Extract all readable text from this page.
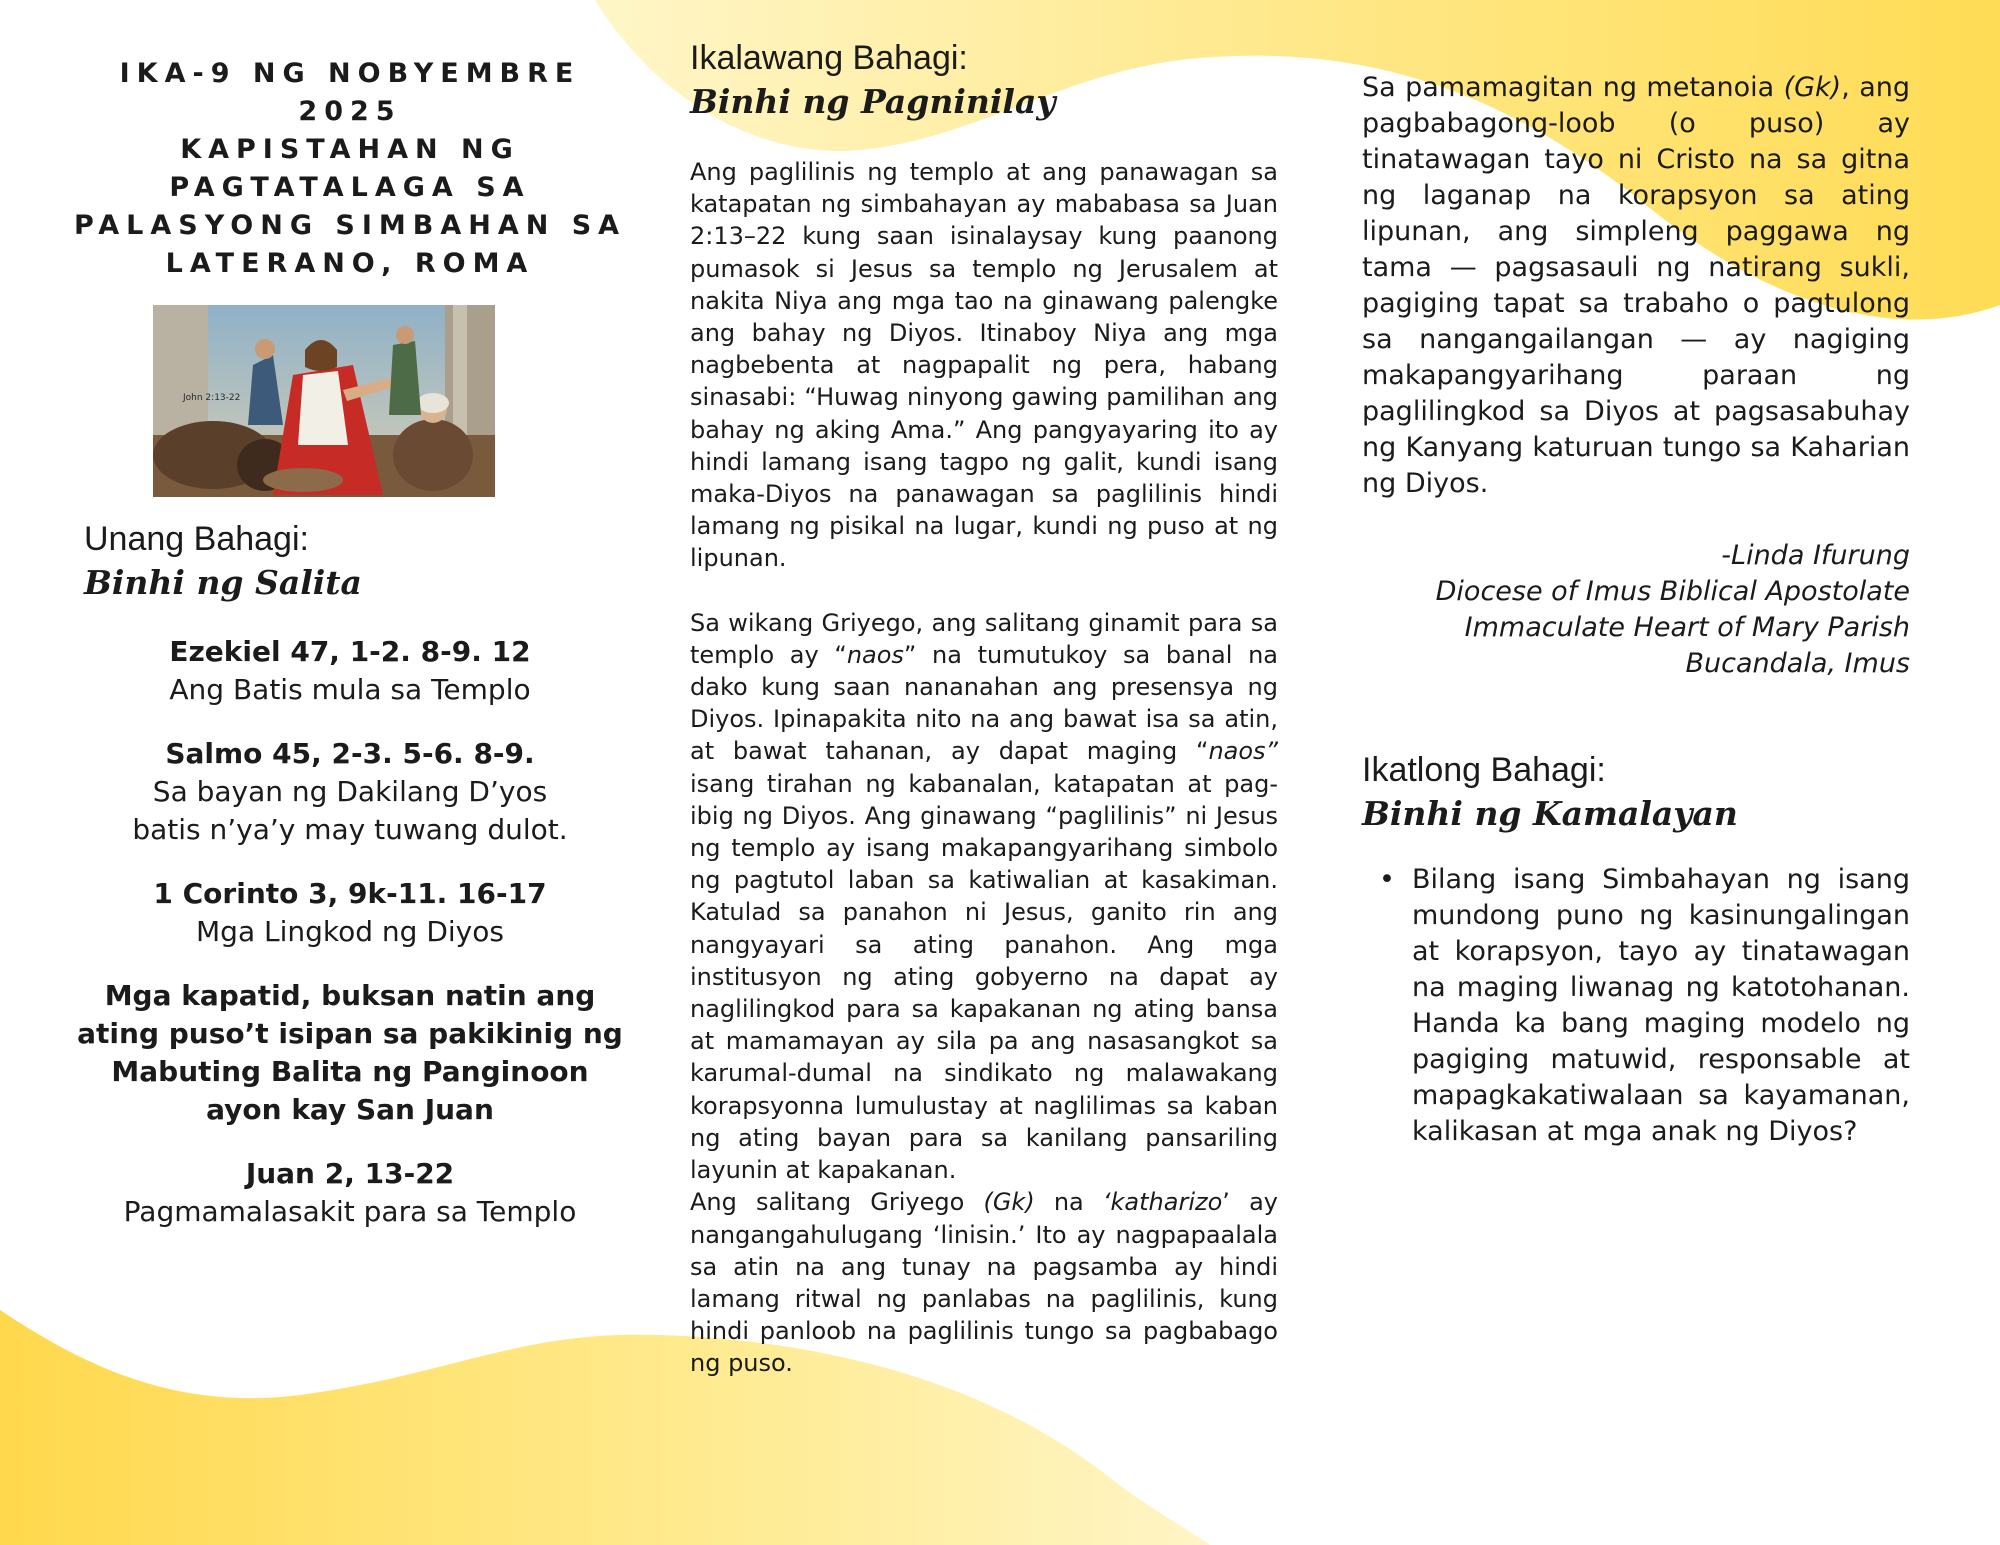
IKA-9 NG NOBYEMBRE
2025
KAPISTAHAN NG
PAGTATALAGA SA
PALASYONG SIMBAHAN SA
LATERANO, ROMA
John 2:13-22

Unang Bahagi:

Binhi ng Salita

Ezekiel 47, 1-2. 8-9. 12

Ang Batis mula sa Templo

Salmo 45, 2-3. 5-6. 8-9.

Sa bayan ng Dakilang D’yos

batis n’ya’y may tuwang dulot.

1 Corinto 3, 9k-11. 16-17

Mga Lingkod ng Diyos

Mga kapatid, buksan natin ang ating puso’t isipan sa pakikinig ng Mabuting Balita ng Panginoon ayon kay San Juan

Juan 2, 13-22

Pagmamalasakit para sa Templo

Ikalawang Bahagi:

Binhi ng Pagninilay

Ang paglilinis ng templo at ang panawagan sa katapatan ng simbahayan ay mababasa sa Juan 2:13–22 kung saan isinalaysay kung paanong pumasok si Jesus sa templo ng Jerusalem at nakita Niya ang mga tao na ginawang palengke ang bahay ng Diyos. Itinaboy Niya ang mga nagbebenta at nagpapalit ng pera, habang sinasabi: “Huwag ninyong gawing pamilihan ang bahay ng aking Ama.” Ang pangyayaring ito ay hindi lamang isang tagpo ng galit, kundi isang maka-Diyos na panawagan sa paglilinis hindi lamang ng pisikal na lugar, kundi ng puso at ng lipunan.

Sa wikang Griyego, ang salitang ginamit para sa templo ay “naos” na tumutukoy sa banal na dako kung saan nananahan ang presensya ng Diyos. Ipinapakita nito na ang bawat isa sa atin, at bawat tahanan, ay dapat maging “naos” isang tirahan ng kabanalan, katapatan at pag-ibig ng Diyos. Ang ginawang “paglilinis” ni Jesus ng templo ay isang makapangyarihang simbolo ng pagtutol laban sa katiwalian at kasakiman. Katulad sa panahon ni Jesus, ganito rin ang nangyayari sa ating panahon. Ang mga institusyon ng ating gobyerno na dapat ay naglilingkod para sa kapakanan ng ating bansa at mamamayan ay sila pa ang nasasangkot sa karumal-dumal na sindikato ng malawakang korapsyonna lumulustay at naglilimas sa kaban ng ating bayan para sa kanilang pansariling layunin at kapakanan.

Ang salitang Griyego (Gk) na ‘katharizo’ ay nangangahulugang ‘linisin.’ Ito ay nagpapaalala sa atin na ang tunay na pagsamba ay hindi lamang ritwal ng panlabas na paglilinis, kung hindi panloob na paglilinis tungo sa pagbabago ng puso.

Sa pamamagitan ng metanoia (Gk), ang pagbabagong-loob (o puso) ay tinatawagan tayo ni Cristo na sa gitna ng laganap na korapsyon sa ating lipunan, ang simpleng paggawa ng tama — pagsasauli ng natirang sukli, pagiging tapat sa trabaho o pagtulong sa nangangailangan — ay nagiging makapangyarihang paraan ng paglilingkod sa Diyos at pagsasabuhay ng Kanyang katuruan tungo sa Kaharian ng Diyos.

-Linda Ifurung

Diocese of Imus Biblical Apostolate

Immaculate Heart of Mary Parish

Bucandala, Imus

Ikatlong Bahagi:

Binhi ng Kamalayan

• Bilang isang Simbahayan ng isang mundong puno ng kasinungalingan at korapsyon, tayo ay tinatawagan na maging liwanag ng katotohanan. Handa ka bang maging modelo ng pagiging matuwid, responsable at mapagkakatiwalaan sa kayamanan, kalikasan at mga anak ng Diyos?
